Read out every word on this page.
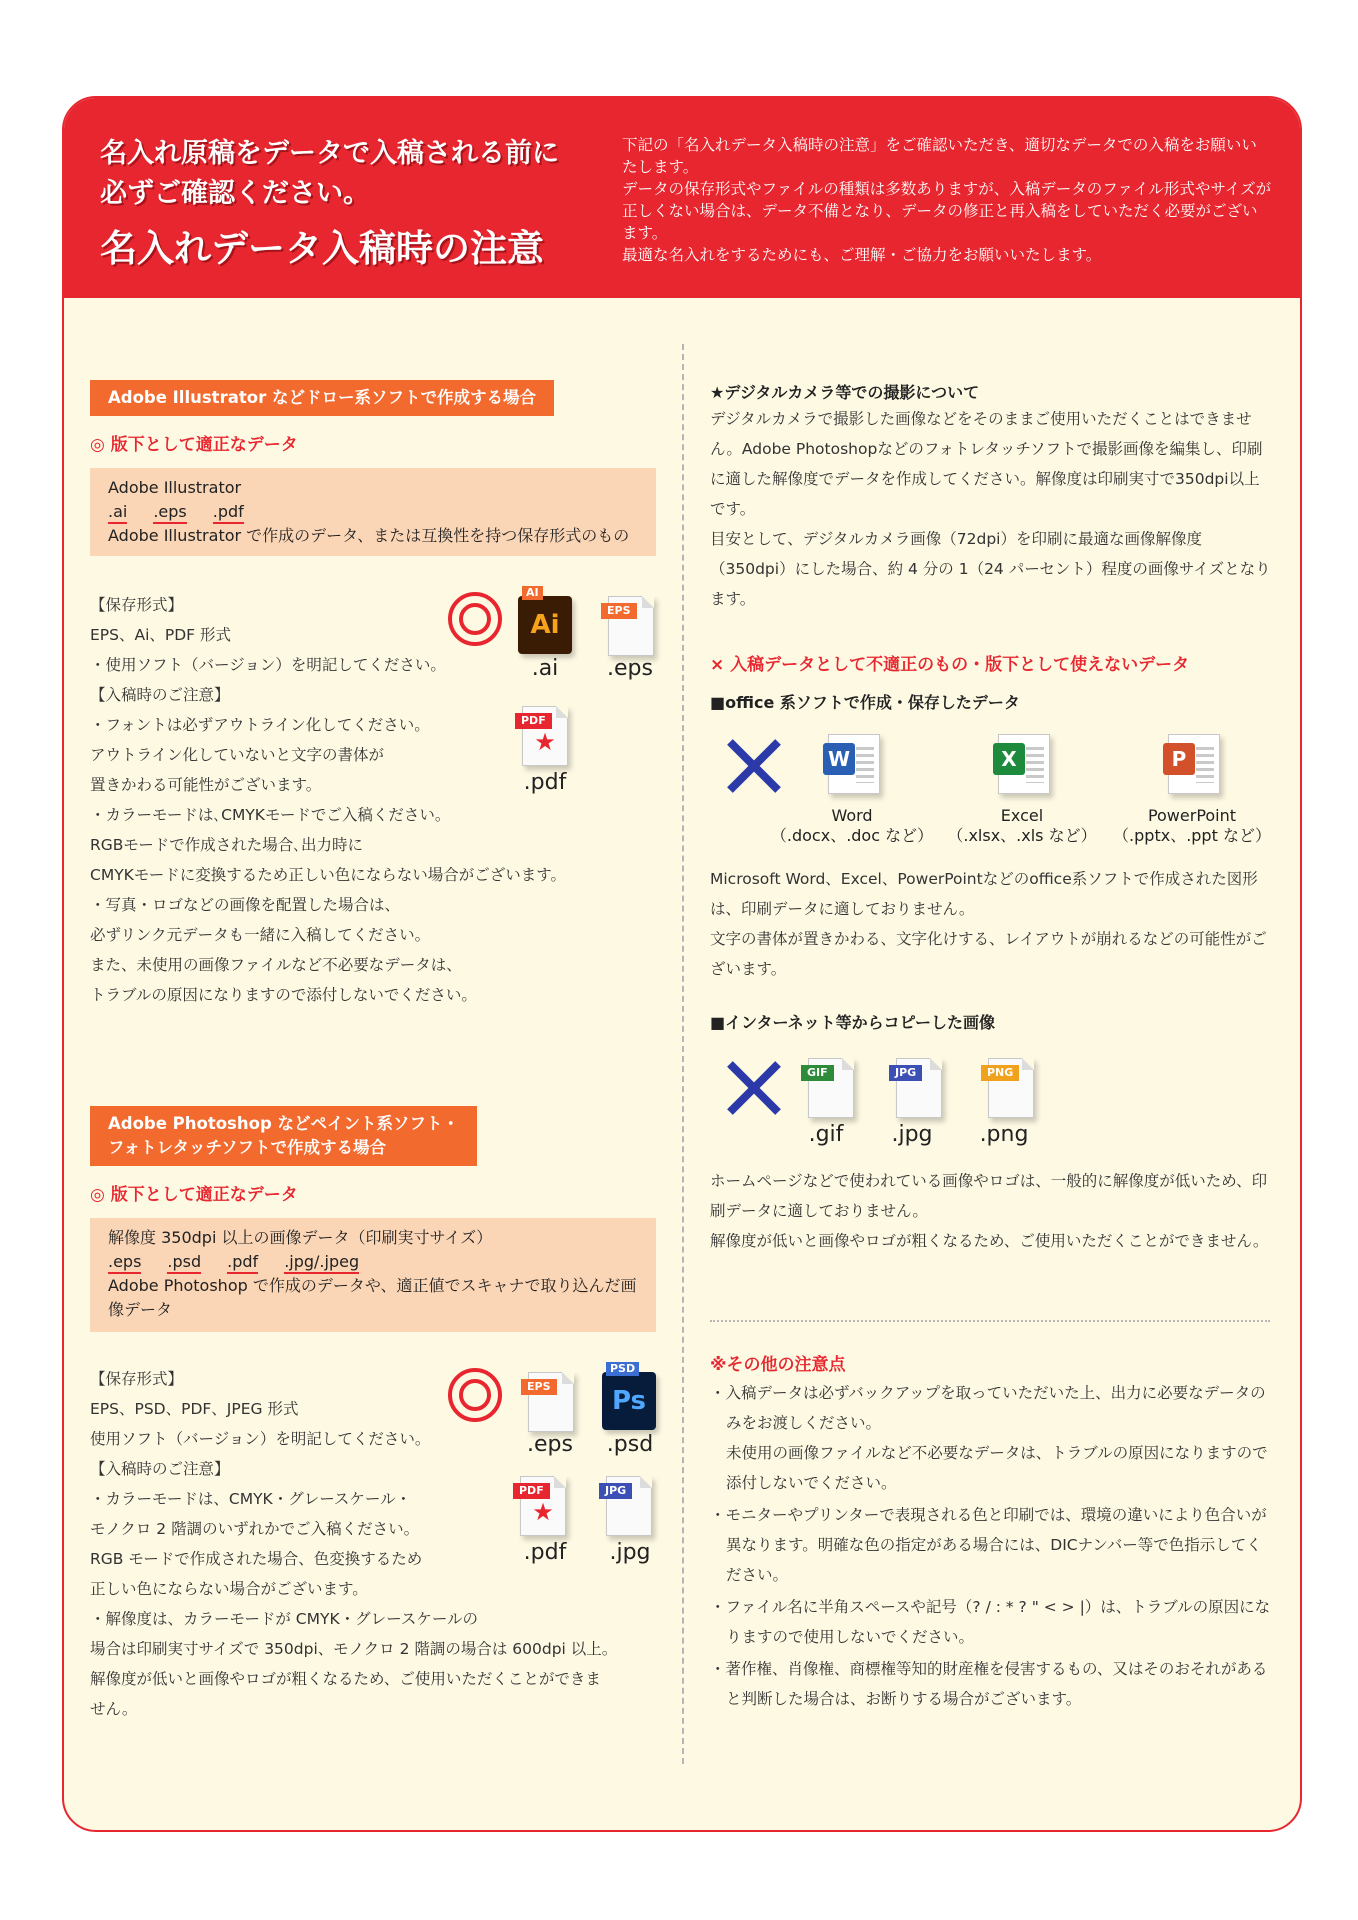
名入れ原稿をデータで入稿される前に
必ずご確認ください。
名入れデータ入稿時の注意

下記の「名入れデータ入稿時の注意」をご確認いただき、適切なデータでの入稿をお願いいたします。

データの保存形式やファイルの種類は多数ありますが、入稿データのファイル形式やサイズが正しくない場合は、データ不備となり、データの修正と再入稿をしていただく必要がございます。

最適な名入れをするためにも、ご理解・ご協力をお願いいたします。

Adobe Illustrator などドロー系ソフトで作成する場合
◎ 版下として適正なデータ
Adobe Illustrator
.ai .eps .pdf
Adobe Illustrator で作成のデータ、または互換性を持つ保存形式のもの

【保存形式】

EPS、Ai、PDF 形式

・使用ソフト（バージョン）を明記してください。

【入稿時のご注意】

・フォントは必ずアウトライン化してください。

アウトライン化していないと文字の書体が

置きかわる可能性がございます。

・カラーモードは､CMYKモードでご入稿ください。

RGBモードで作成された場合､出力時に

CMYKモードに変換するため正しい色にならない場合がございます。

・写真・ロゴなどの画像を配置した場合は、

必ずリンク元データも一緒に入稿してください。

また、未使用の画像ファイルなど不必要なデータは、

トラブルの原因になりますので添付しないでください。

AI
Ai	EPS
.ai	.eps
PDF
★
.pdf
Adobe Photoshop などペイント系ソフト・
フォトレタッチソフトで作成する場合
◎ 版下として適正なデータ
解像度 350dpi 以上の画像データ（印刷実寸サイズ）
.eps .psd .pdf .jpg/.jpeg
Adobe Photoshop で作成のデータや、適正値でスキャナで取り込んだ画像データ

【保存形式】

EPS、PSD、PDF、JPEG 形式

使用ソフト（バージョン）を明記してください。

【入稿時のご注意】

・カラーモードは、CMYK・グレースケール・

モノクロ 2 階調のいずれかでご入稿ください。

RGB モードで作成された場合、色変換するため

正しい色にならない場合がございます。

・解像度は、カラーモードが CMYK・グレースケールの

場合は印刷実寸サイズで 350dpi、モノクロ 2 階調の場合は 600dpi 以上。

解像度が低いと画像やロゴが粗くなるため、ご使用いただくことができま

せん。

EPS
PSD
Ps
.eps	.psd
PDF
★
JPG
.pdf	.jpg
★デジタルカメラ等での撮影について

デジタルカメラで撮影した画像などをそのままご使用いただくことはできません。Adobe Photoshopなどのフォトレタッチソフトで撮影画像を編集し、印刷に適した解像度でデータを作成してください。解像度は印刷実寸で350dpi以上です。

目安として、デジタルカメラ画像（72dpi）を印刷に最適な画像解像度（350dpi）にした場合、約 4 分の 1（24 パーセント）程度の画像サイズとなります。

× 入稿データとして不適正のもの・版下として使えないデータ
■office 系ソフトで作成・保存したデータ
W	X	P
Word
（.docx、.doc など）
Excel
（.xlsx、.xls など）
PowerPoint
（.pptx、.ppt など）

Microsoft Word、Excel、PowerPointなどのoffice系ソフトで作成された図形は、印刷データに適しておりません。

文字の書体が置きかわる、文字化けする、レイアウトが崩れるなどの可能性がございます。

■インターネット等からコピーした画像
GIF	JPG	PNG
.gif	.jpg	.png

ホームページなどで使われている画像やロゴは、一般的に解像度が低いため、印刷データに適しておりません。

解像度が低いと画像やロゴが粗くなるため、ご使用いただくことができません。

※その他の注意点

・入稿データは必ずバックアップを取っていただいた上、出力に必要なデータのみをお渡しください。
未使用の画像ファイルなど不必要なデータは、トラブルの原因になりますので添付しないでください。

・モニターやプリンターで表現される色と印刷では、環境の違いにより色合いが異なります。明確な色の指定がある場合には、DICナンバー等で色指示してください。

・ファイル名に半角スペースや記号（? / : * ? " < > |）は、トラブルの原因になりますので使用しないでください。

・著作権、肖像権、商標権等知的財産権を侵害するもの、又はそのおそれがあると判断した場合は、お断りする場合がございます。
